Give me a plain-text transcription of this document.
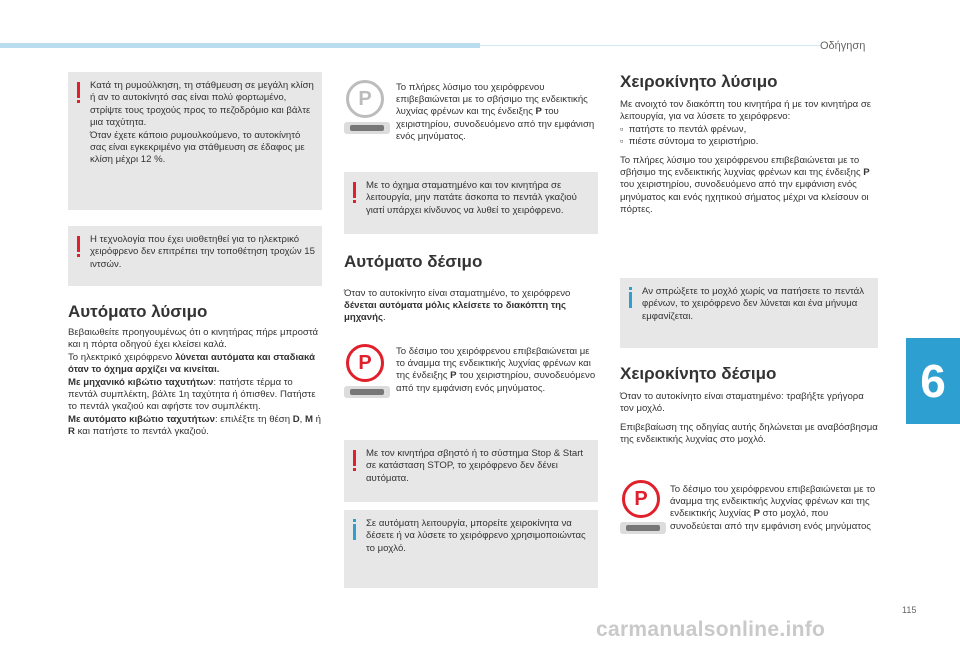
Οδήγηση
6
115
carmanualsonline.info

Κατά τη ρυμούλκηση, τη στάθμευση σε μεγάλη κλίση ή αν το αυτοκίνητό σας είναι πολύ φορτωμένο, στρίψτε τους τροχούς προς το πεζοδρόμιο και βάλτε μια ταχύτητα.
Όταν έχετε κάποιο ρυμουλκούμενο, το αυτοκίνητό σας είναι εγκεκριμένο για στάθμευση σε έδαφος με κλίση μέχρι 12 %.

Η τεχνολογία που έχει υιοθετηθεί για το ηλεκτρικό χειρόφρενο δεν επιτρέπει την τοποθέτηση τροχών 15 ιντσών.

Αυτόματο λύσιμο

Βεβαιωθείτε προηγουμένως ότι ο κινητήρας πήρε μπροστά και η πόρτα οδηγού έχει κλείσει καλά.

Το ηλεκτρικό χειρόφρενο λύνεται αυτόματα και σταδιακά όταν το όχημα αρχίζει να κινείται.

Με μηχανικό κιβώτιο ταχυτήτων: πατήστε τέρμα το πεντάλ συμπλέκτη, βάλτε 1η ταχύτητα ή όπισθεν. Πατήστε το πεντάλ γκαζιού και αφήστε τον συμπλέκτη.

Με αυτόματο κιβώτιο ταχυτήτων: επιλέξτε τη θέση D, M ή R και πατήστε το πεντάλ γκαζιού.

P

Το πλήρες λύσιμο του χειρόφρενου επιβεβαιώνεται με το σβήσιμο της ενδεικτικής λυχνίας φρένων και της ένδειξης P του χειριστηρίου, συνοδευόμενο από την εμφάνιση ενός μηνύματος.

Με το όχημα σταματημένο και τον κινητήρα σε λειτουργία, μην πατάτε άσκοπα το πεντάλ γκαζιού γιατί υπάρχει κίνδυνος να λυθεί το χειρόφρενο.

Αυτόματο δέσιμο

Όταν το αυτοκίνητο είναι σταματημένο, το χειρόφρενο δένεται αυτόματα μόλις κλείσετε το διακόπτη της μηχανής.

P

Το δέσιμο του χειρόφρενου επιβεβαιώνεται με το άναμμα της ενδεικτικής λυχνίας φρένων και της ένδειξης P του χειριστηρίου, συνοδευόμενο από την εμφάνιση ενός μηνύματος.

Με τον κινητήρα σβηστό ή το σύστημα Stop & Start σε κατάσταση STOP, το χειρόφρενο δεν δένει αυτόματα.

Σε αυτόματη λειτουργία, μπορείτε χειροκίνητα να δέσετε ή να λύσετε το χειρόφρενο χρησιμοποιώντας το μοχλό.

Χειροκίνητο λύσιμο

Με ανοιχτό τον διακόπτη του κινητήρα ή με τον κινητήρα σε λειτουργία, για να λύσετε το χειρόφρενο:

▫  πατήστε το πεντάλ φρένων,

▫  πιέστε σύντομα το χειριστήριο.

Το πλήρες λύσιμο του χειρόφρενου επιβεβαιώνεται με το σβήσιμο της ενδεικτικής λυχνίας φρένων και της ένδειξης P του χειριστηρίου, συνοδευόμενο από την εμφάνιση ενός μηνύματος και ενός ηχητικού σήματος μέχρι να κλείσουν οι πόρτες.

Αν σπρώξετε το μοχλό χωρίς να πατήσετε το πεντάλ φρένων, το χειρόφρενο δεν λύνεται και ένα μήνυμα εμφανίζεται.

Χειροκίνητο δέσιμο

Όταν το αυτοκίνητο είναι σταματημένο: τραβήξτε γρήγορα τον μοχλό.

Επιβεβαίωση της οδηγίας αυτής δηλώνεται με αναβόσβησμα της ενδεικτικής λυχνίας στο μοχλό.

P	Το δέσιμο του χειρόφρενου επιβεβαιώνεται με το άναμμα της ενδεικτικής λυχνίας φρένων και της ενδεικτικής λυχνίας P στο μοχλό, που συνοδεύεται από την εμφάνιση ενός μηνύματος
